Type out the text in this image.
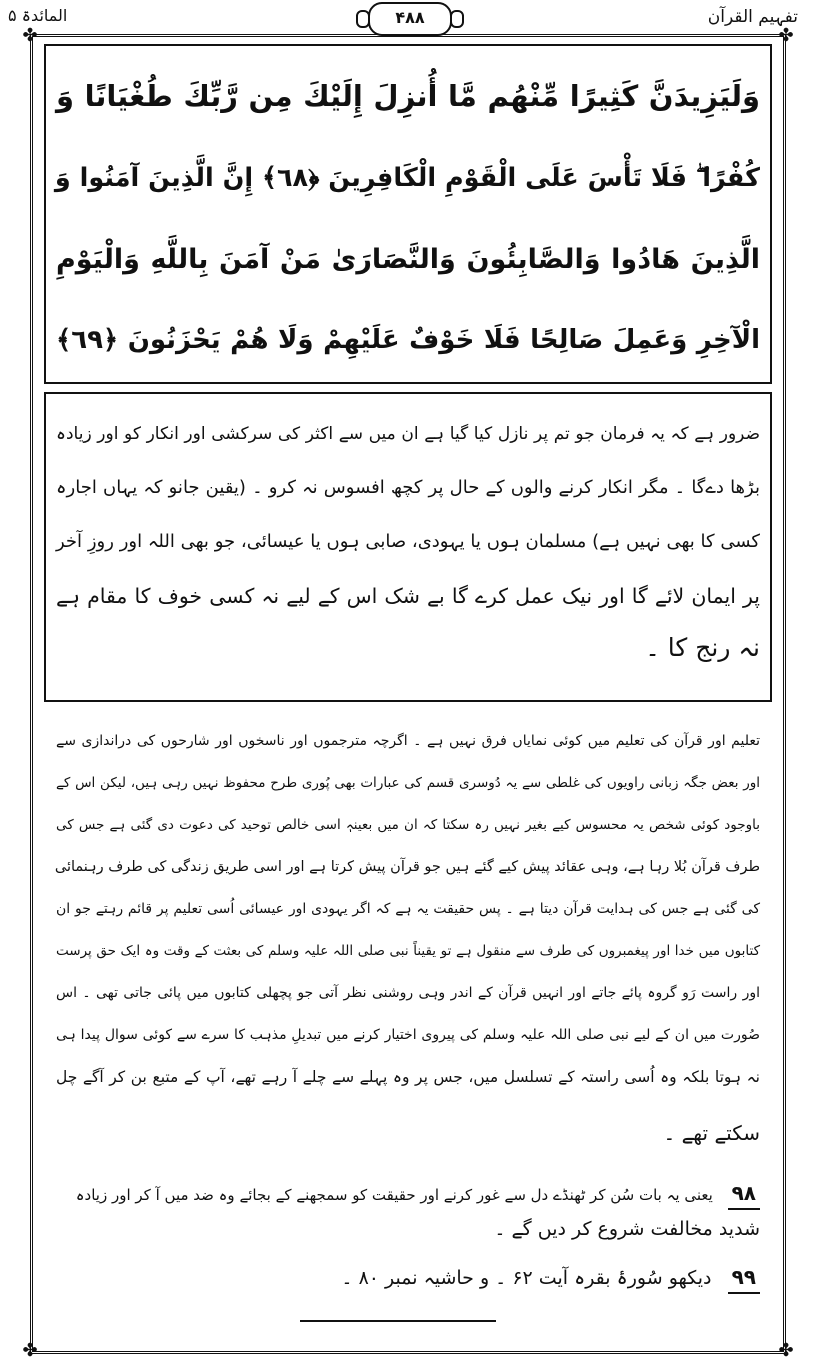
تفہیم القرآن
۴۸۸
المائدۃ ۵
✤	✤
✤	✤
وَلَيَزِيدَنَّ كَثِيرًا مِّنْهُم مَّا أُنزِلَ إِلَيْكَ مِن رَّبِّكَ طُغْيَانًا وَ
كُفْرًا ۖ فَلَا تَأْسَ عَلَى الْقَوْمِ الْكَافِرِينَ ﴿٦٨﴾ إِنَّ الَّذِينَ آمَنُوا وَ
الَّذِينَ هَادُوا وَالصَّابِئُونَ وَالنَّصَارَىٰ مَنْ آمَنَ بِاللَّهِ وَالْيَوْمِ
الْآخِرِ وَعَمِلَ صَالِحًا فَلَا خَوْفٌ عَلَيْهِمْ وَلَا هُمْ يَحْزَنُونَ ﴿٦٩﴾
ضرور ہے کہ یہ فرمان جو تم پر نازل کیا گیا ہے ان میں سے اکثر کی سرکشی اور انکار کو اور زیادہ
بڑھا دےگا ۔ مگر انکار کرنے والوں کے حال پر کچھ افسوس نہ کرو ۔ (یقین جانو کہ یہاں اجارہ
کسی کا بھی نہیں ہے) مسلمان ہوں یا یہودی، صابی ہوں یا عیسائی، جو بھی اللہ اور روزِ آخر
پر ایمان لائے گا اور نیک عمل کرے گا بے شک اس کے لیے نہ کسی خوف کا مقام ہے
نہ رنج کا ۔
تعلیم اور قرآن کی تعلیم میں کوئی نمایاں فرق نہیں ہے ۔ اگرچہ مترجموں اور ناسخوں اور شارحوں کی دراندازی سے
اور بعض جگہ زبانی راویوں کی غلطی سے یہ دُوسری قسم کی عبارات بھی پُوری طرح محفوظ نہیں رہی ہیں، لیکن اس کے
باوجود کوئی شخص یہ محسوس کیے بغیر نہیں رہ سکتا کہ ان میں بعینہٖ اسی خالص توحید کی دعوت دی گئی ہے جس کی
طرف قرآن بُلا رہا ہے، وہی عقائد پیش کیے گئے ہیں جو قرآن پیش کرتا ہے اور اسی طریق زندگی کی طرف رہنمائی
کی گئی ہے جس کی ہدایت قرآن دیتا ہے ۔ پس حقیقت یہ ہے کہ اگر یہودی اور عیسائی اُسی تعلیم پر قائم رہتے جو ان
کتابوں میں خدا اور پیغمبروں کی طرف سے منقول ہے تو یقیناً نبی صلی اللہ علیہ وسلم کی بعثت کے وقت وہ ایک حق پرست
اور راست رَو گروہ پائے جاتے اور انہیں قرآن کے اندر وہی روشنی نظر آتی جو پچھلی کتابوں میں پائی جاتی تھی ۔ اس
صُورت میں ان کے لیے نبی صلی اللہ علیہ وسلم کی پیروی اختیار کرنے میں تبدیلِ مذہب کا سرے سے کوئی سوال پیدا ہی
نہ ہوتا بلکہ وہ اُسی راستہ کے تسلسل میں، جس پر وہ پہلے سے چلے آ رہے تھے، آپ کے متبع بن کر آگے چل
سکتے تھے ۔
۹۸ یعنی یہ بات سُن کر ٹھنڈے دل سے غور کرنے اور حقیقت کو سمجھنے کے بجائے وہ ضد میں آ کر اور زیادہ
شدید مخالفت شروع کر دیں گے ۔
۹۹ دیکھو سُورۂ بقرہ آیت ۶۲ ۔ و حاشیہ نمبر ۸۰ ۔
